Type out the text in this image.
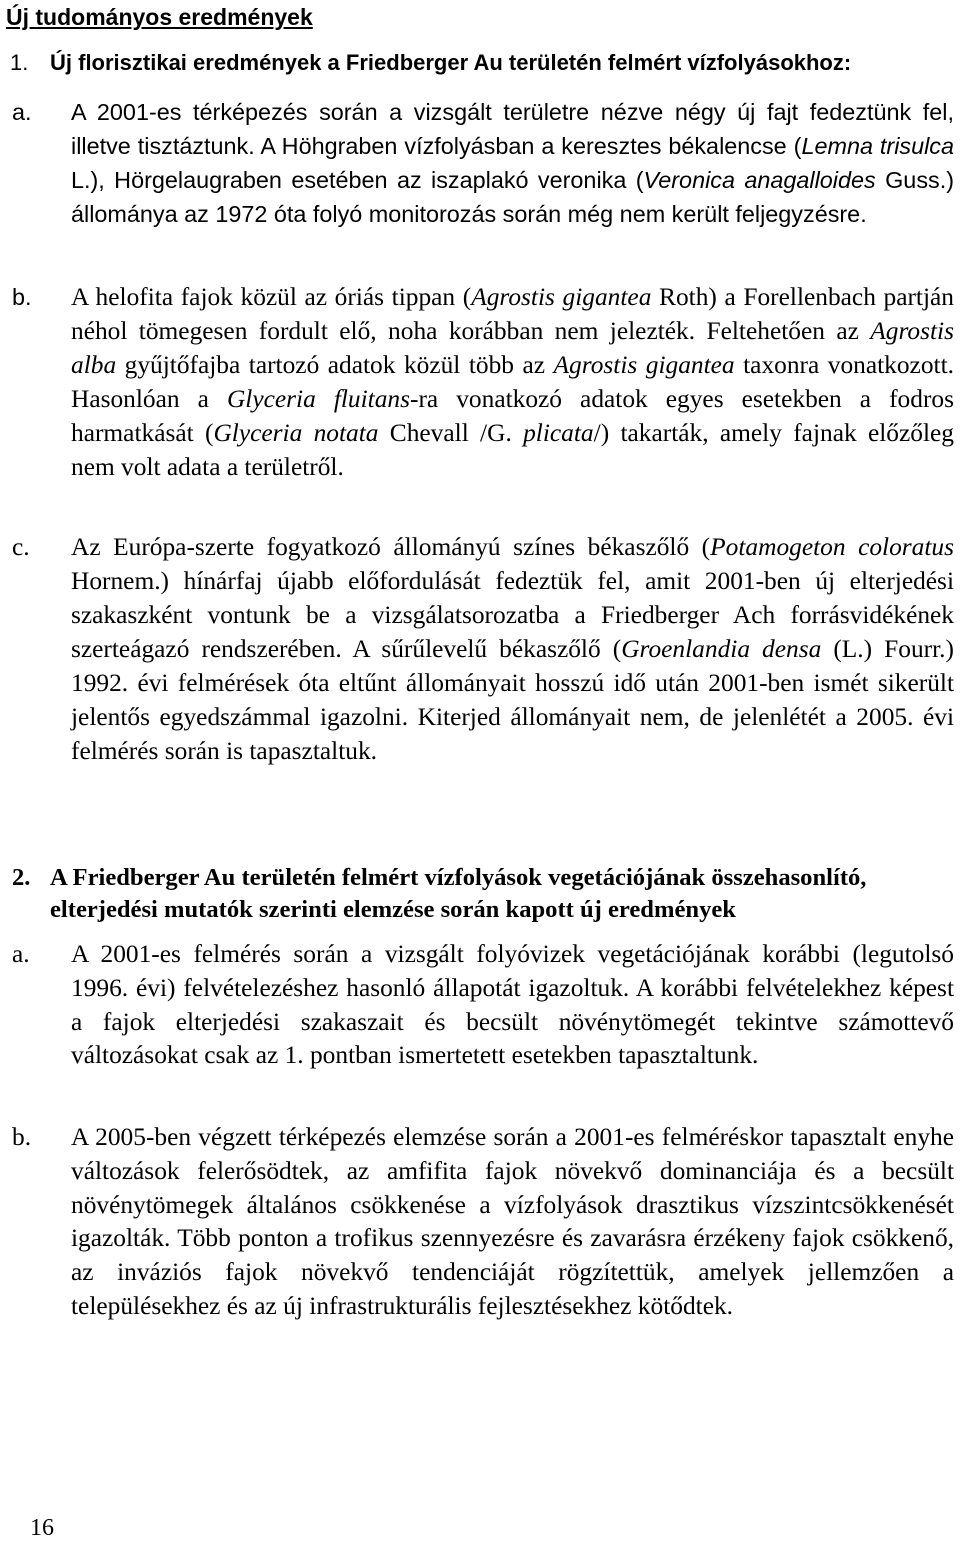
Új tudományos eredmények
1. Új florisztikai eredmények a Friedberger Au területén felmért vízfolyásokhoz:
a.	A 2001-es térképezés során a vizsgált területre nézve négy új fajt fedeztünk fel, illetve tisztáztunk. A Höhgraben vízfolyásban a keresztes békalencse (Lemna trisulca L.), Hörgelaugraben esetében az iszaplakó veronika (Veronica anagalloides Guss.) állománya az 1972 óta folyó monitorozás során még nem került feljegyzésre.
b.	A helofita fajok közül az óriás tippan (Agrostis gigantea Roth) a Forellenbach partján néhol tömegesen fordult elő, noha korábban nem jelezték. Feltehetően az Agrostis alba gyűjtőfajba tartozó adatok közül több az Agrostis gigantea taxonra vonatkozott. Hasonlóan a Glyceria fluitans-ra vonatkozó adatok egyes esetekben a fodros harmatkását (Glyceria notata Chevall /G. plicata/) takarták, amely fajnak előzőleg nem volt adata a területről.
c.	Az Európa-szerte fogyatkozó állományú színes békaszőlő (Potamogeton coloratus Hornem.) hínárfaj újabb előfordulását fedeztük fel, amit 2001-ben új elterjedési szakaszként vontunk be a vizsgálatsorozatba a Friedberger Ach forrásvidékének szerteágazó rendszerében. A sűrűlevelű békaszőlő (Groenlandia densa (L.) Fourr.) 1992. évi felmérések óta eltűnt állományait hosszú idő után 2001-ben ismét sikerült jelentős egyedszámmal igazolni. Kiterjed állományait nem, de jelenlétét a 2005. évi felmérés során is tapasztaltuk.
2. A Friedberger Au területén felmért vízfolyások vegetációjának összehasonlító, elterjedési mutatók szerinti elemzése során kapott új eredmények
a.	A 2001-es felmérés során a vizsgált folyóvizek vegetációjának korábbi (legutolsó 1996. évi) felvételezéshez hasonló állapotát igazoltuk. A korábbi felvételekhez képest a fajok elterjedési szakaszait és becsült növénytömegét tekintve számottevő változásokat csak az 1. pontban ismertetett esetekben tapasztaltunk.
b.	A 2005-ben végzett térképezés elemzése során a 2001-es felméréskor tapasztalt enyhe változások felerősödtek, az amfifita fajok növekvő dominanciája és a becsült növénytömegek általános csökkenése a vízfolyások drasztikus vízszintcsökkenését igazolták. Több ponton a trofikus szennyezésre és zavarásra érzékeny fajok csökkenő, az inváziós fajok növekvő tendenciáját rögzítettük, amelyek jellemzően a településekhez és az új infrastrukturális fejlesztésekhez kötődtek.
16
